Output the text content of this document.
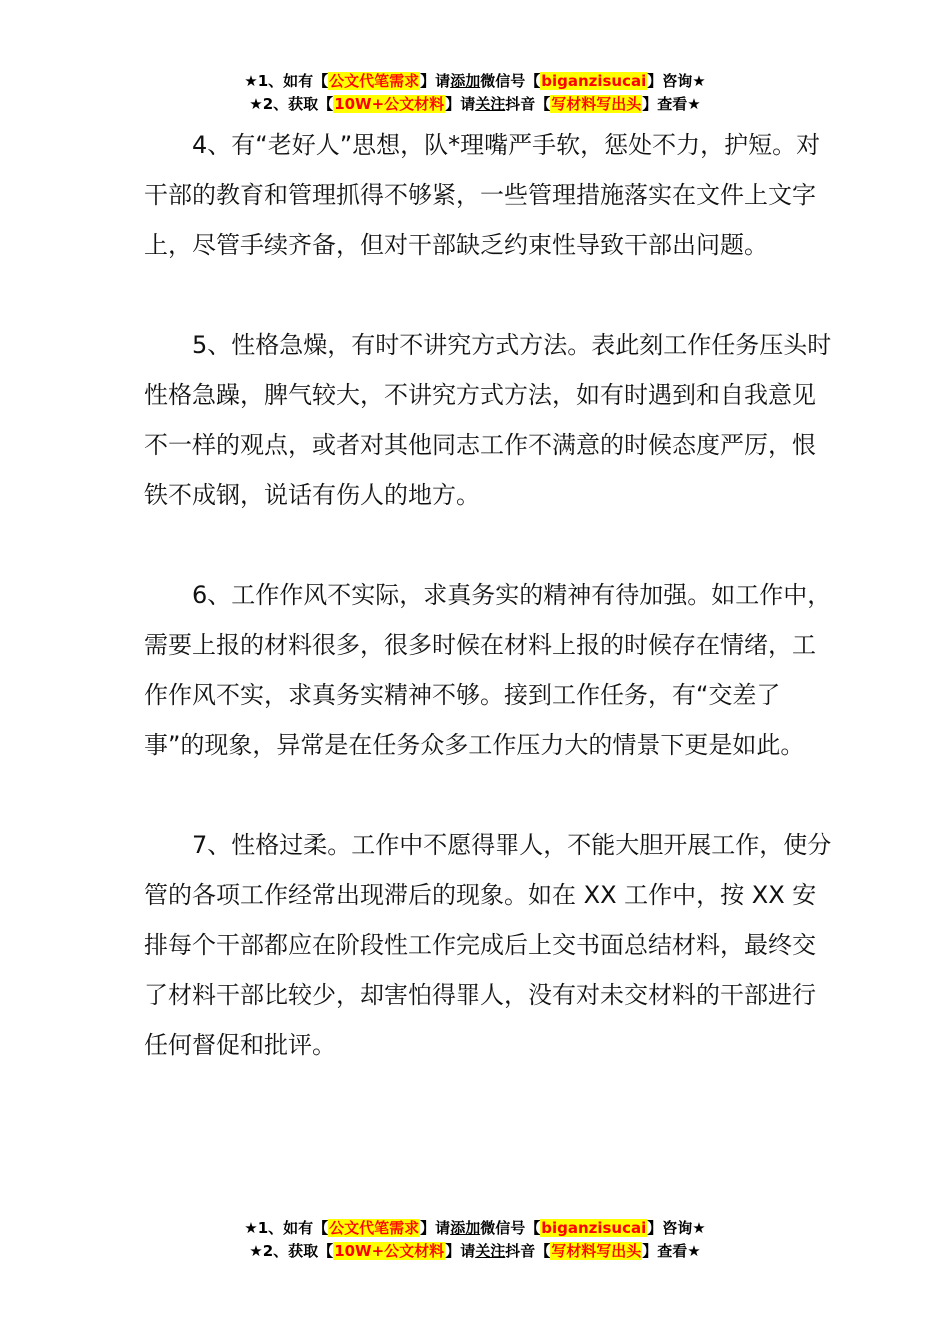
★1、如有【公文代笔需求】请添加微信号【biganzisucai】咨询★
★2、获取【10W+公文材料】请关注抖音【写材料写出头】查看★

4、有“老好人”思想，队*理嘴严手软，惩处不力，护短。对干部的教育和管理抓得不够紧，一些管理措施落实在文件上文字上，尽管手续齐备，但对干部缺乏约束性导致干部出问题。

5、性格急燥，有时不讲究方式方法。表此刻工作任务压头时性格急躁，脾气较大，不讲究方式方法，如有时遇到和自我意见不一样的观点，或者对其他同志工作不满意的时候态度严厉，恨铁不成钢，说话有伤人的地方。

6、工作作风不实际，求真务实的精神有待加强。如工作中，需要上报的材料很多，很多时候在材料上报的时候存在情绪，工作作风不实，求真务实精神不够。接到工作任务，有“交差了事”的现象，异常是在任务众多工作压力大的情景下更是如此。

7、性格过柔。工作中不愿得罪人，不能大胆开展工作，使分管的各项工作经常出现滞后的现象。如在 XX 工作中，按 XX 安排每个干部都应在阶段性工作完成后上交书面总结材料，最终交了材料干部比较少，却害怕得罪人，没有对未交材料的干部进行任何督促和批评。

★1、如有【公文代笔需求】请添加微信号【biganzisucai】咨询★
★2、获取【10W+公文材料】请关注抖音【写材料写出头】查看★
